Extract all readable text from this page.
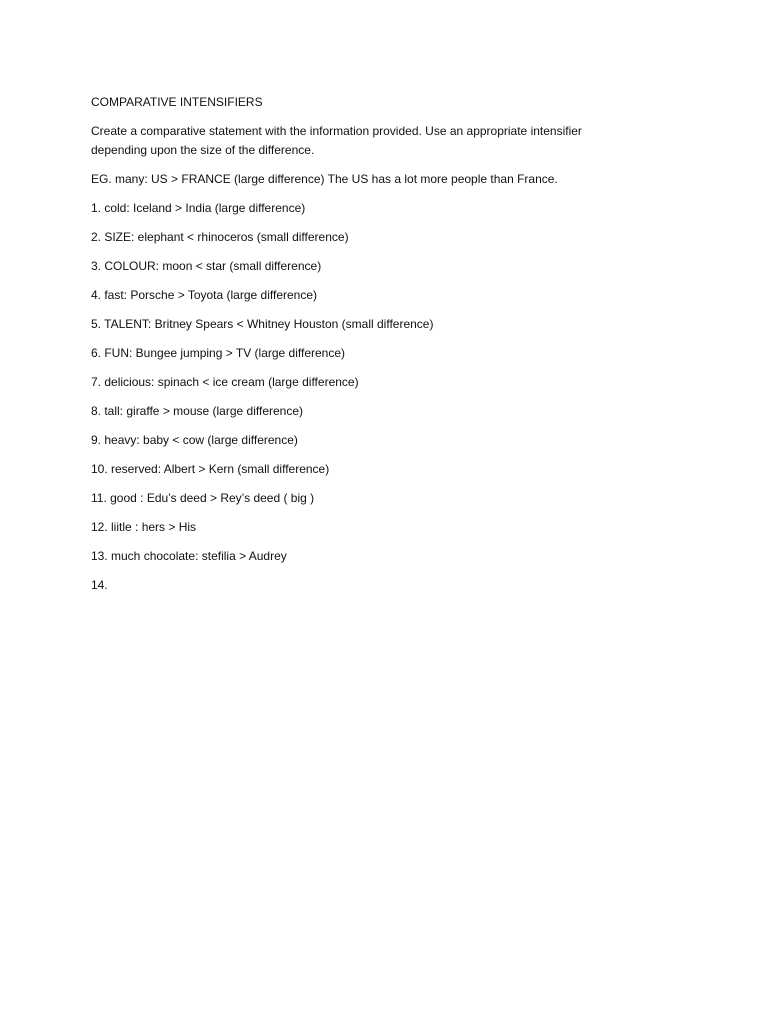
COMPARATIVE INTENSIFIERS
Create a comparative statement with the information provided. Use an appropriate intensifier
depending upon the size of the difference.
EG. many: US > FRANCE (large difference) The US has a lot more people than France.
1. cold: Iceland > India (large difference)
2. SIZE: elephant < rhinoceros (small difference)
3. COLOUR: moon < star (small difference)
4. fast: Porsche > Toyota (large difference)
5. TALENT: Britney Spears < Whitney Houston (small difference)
6. FUN: Bungee jumping > TV (large difference)
7. delicious: spinach < ice cream (large difference)
8. tall: giraffe > mouse (large difference)
9. heavy: baby < cow (large difference)
10. reserved: Albert > Kern (small difference)
11. good : Edu’s deed > Rey’s deed ( big )
12. liitle : hers > His
13. much chocolate: stefilia > Audrey
14.
